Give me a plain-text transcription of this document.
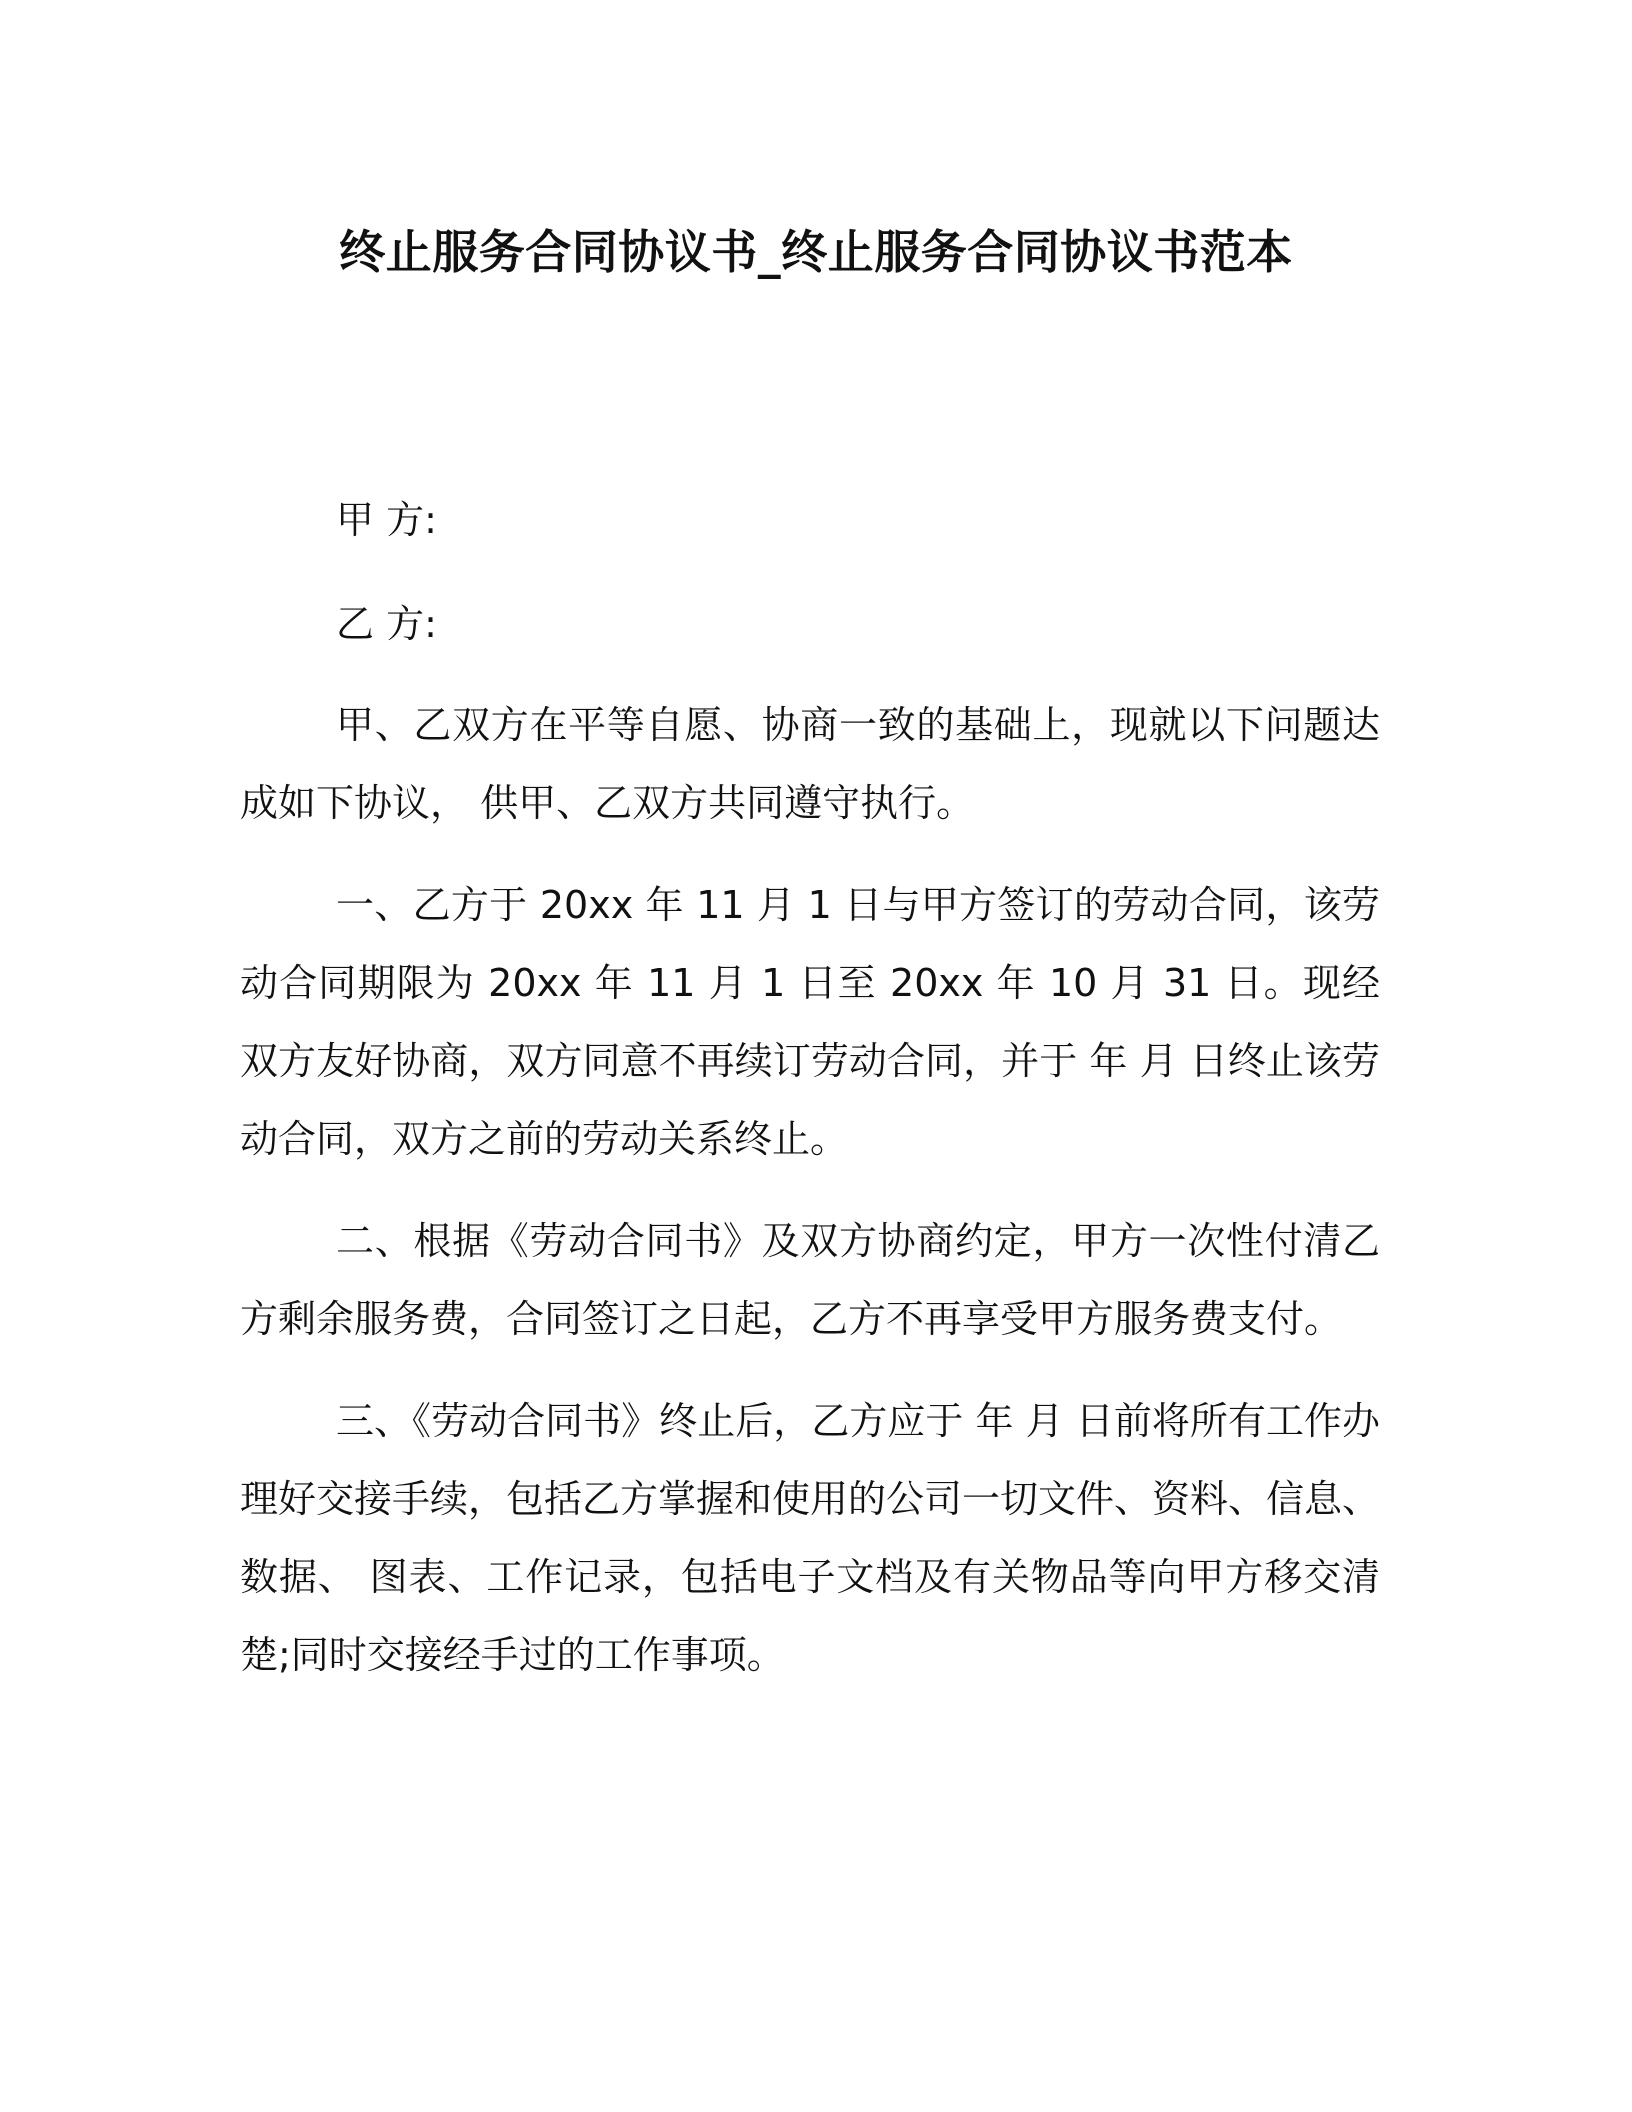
终止服务合同协议书_终止服务合同协议书范本
甲 方:
乙 方:

甲、乙双方在平等自愿、协商一致的基础上，现就以下问题达成如下协议， 供甲、乙双方共同遵守执行。

一、乙方于 20xx 年 11 月 1 日与甲方签订的劳动合同，该劳动合同期限为 20xx 年 11 月 1 日至 20xx 年 10 月 31 日。现经双方友好协商，双方同意不再续订劳动合同，并于 年 月 日终止该劳动合同，双方之前的劳动关系终止。

二、根据《劳动合同书》及双方协商约定，甲方一次性付清乙方剩余服务费，合同签订之日起，乙方不再享受甲方服务费支付。

三、《劳动合同书》终止后，乙方应于 年 月 日前将所有工作办理好交接手续，包括乙方掌握和使用的公司一切文件、资料、信息、数据、 图表、工作记录，包括电子文档及有关物品等向甲方移交清楚;同时交接经手过的工作事项。
